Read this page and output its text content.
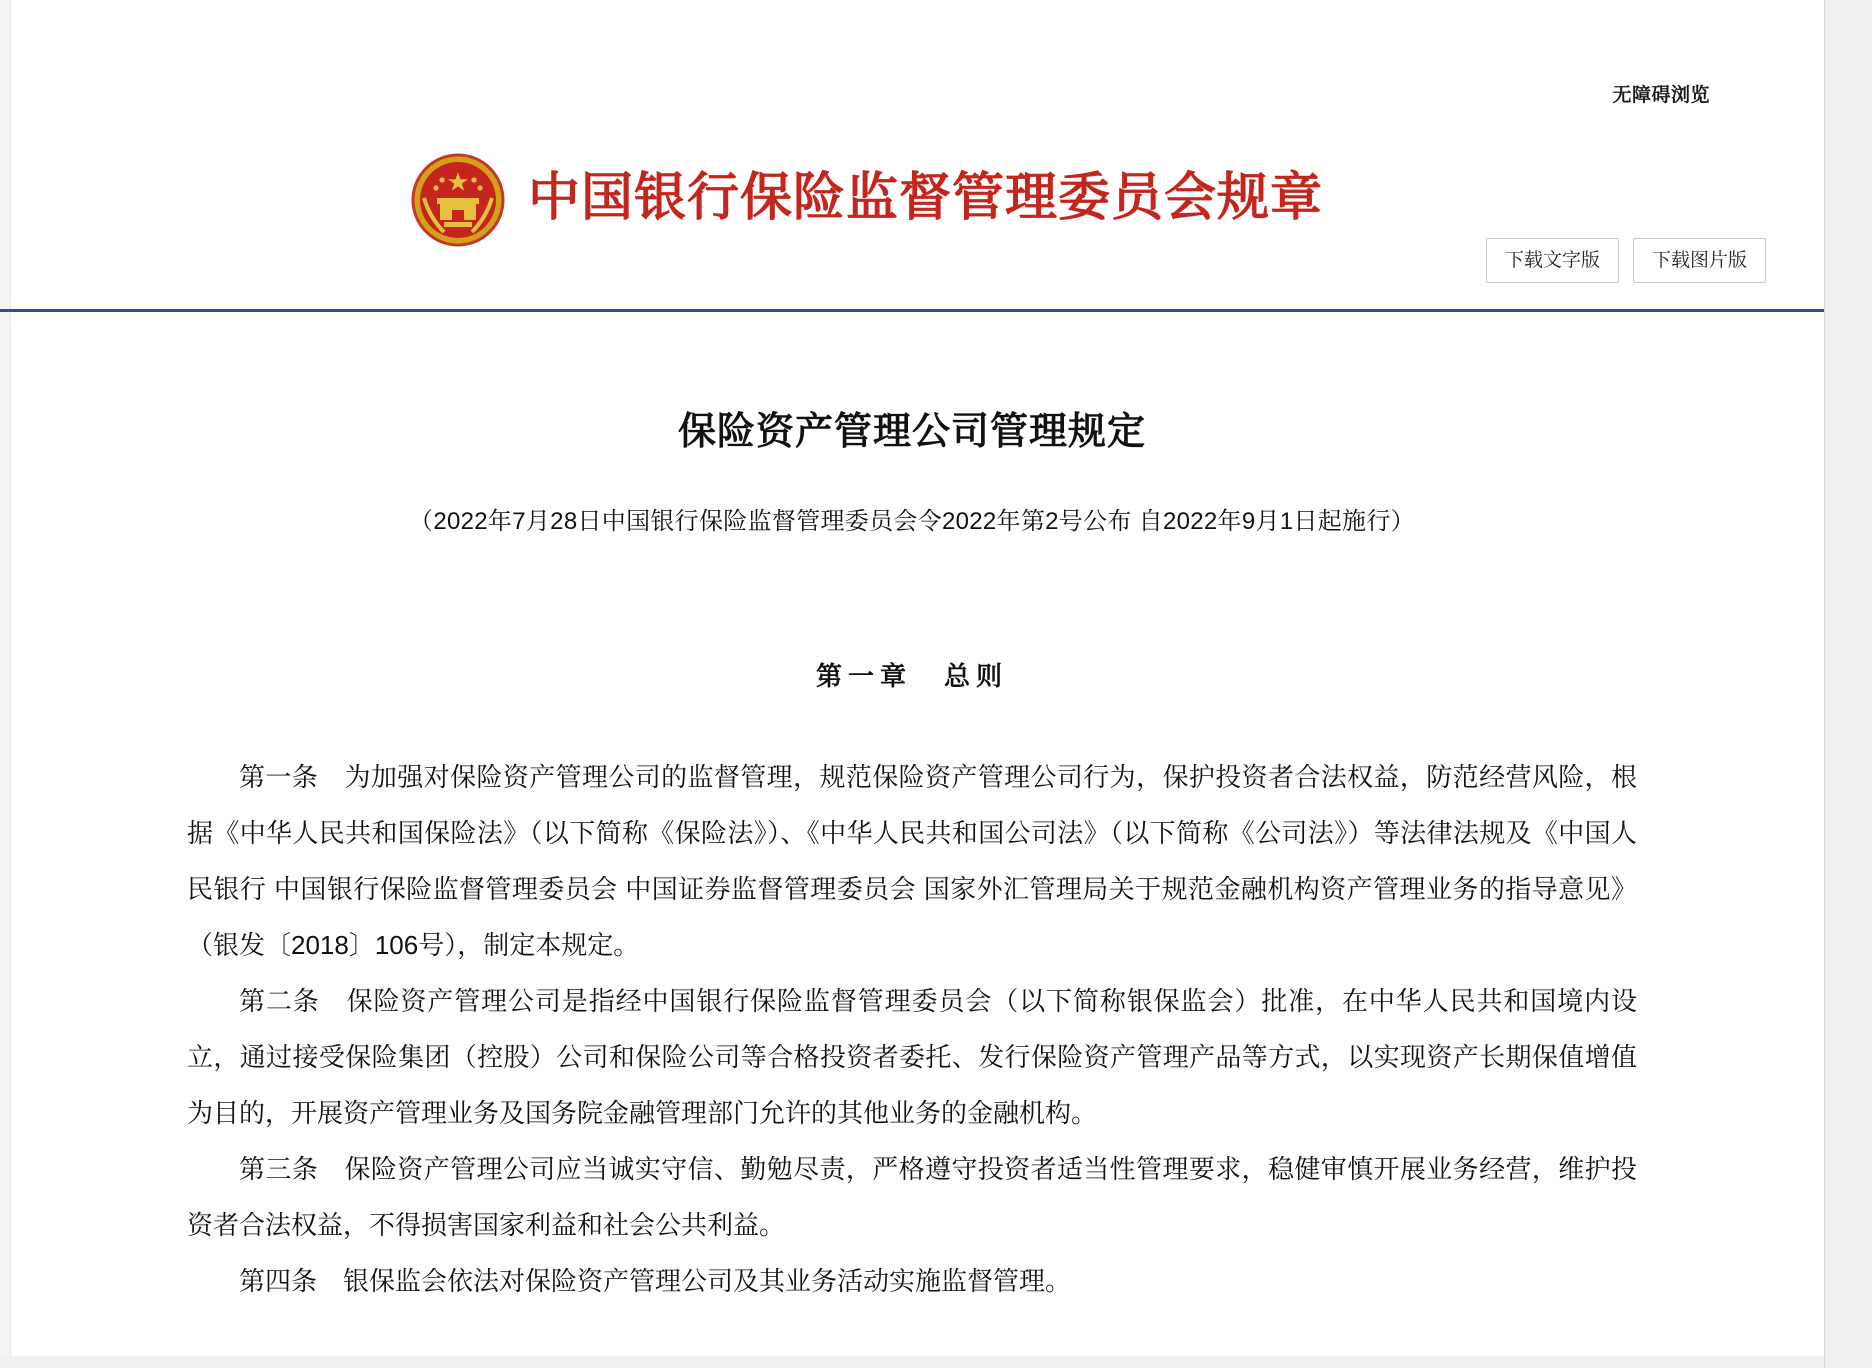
无障碍浏览
中国银行保险监督管理委员会规章
下载文字版	下载图片版
保险资产管理公司管理规定
（2022年7月28日中国银行保险监督管理委员会令2022年第2号公布 自2022年9月1日起施行）
第一章　总则

第一条　为加强对保险资产管理公司的监督管理，规范保险资产管理公司行为，保护投资者合法权益，防范经营风险，根据《中华人民共和国保险法》（以下简称《保险法》）、《中华人民共和国公司法》（以下简称《公司法》）等法律法规及《中国人民银行 中国银行保险监督管理委员会 中国证券监督管理委员会 国家外汇管理局关于规范金融机构资产管理业务的指导意见》（银发〔2018〕106号），制定本规定。

第二条　保险资产管理公司是指经中国银行保险监督管理委员会（以下简称银保监会）批准，在中华人民共和国境内设立，通过接受保险集团（控股）公司和保险公司等合格投资者委托、发行保险资产管理产品等方式，以实现资产长期保值增值为目的，开展资产管理业务及国务院金融管理部门允许的其他业务的金融机构。

第三条　保险资产管理公司应当诚实守信、勤勉尽责，严格遵守投资者适当性管理要求，稳健审慎开展业务经营，维护投资者合法权益，不得损害国家利益和社会公共利益。

第四条　银保监会依法对保险资产管理公司及其业务活动实施监督管理。
